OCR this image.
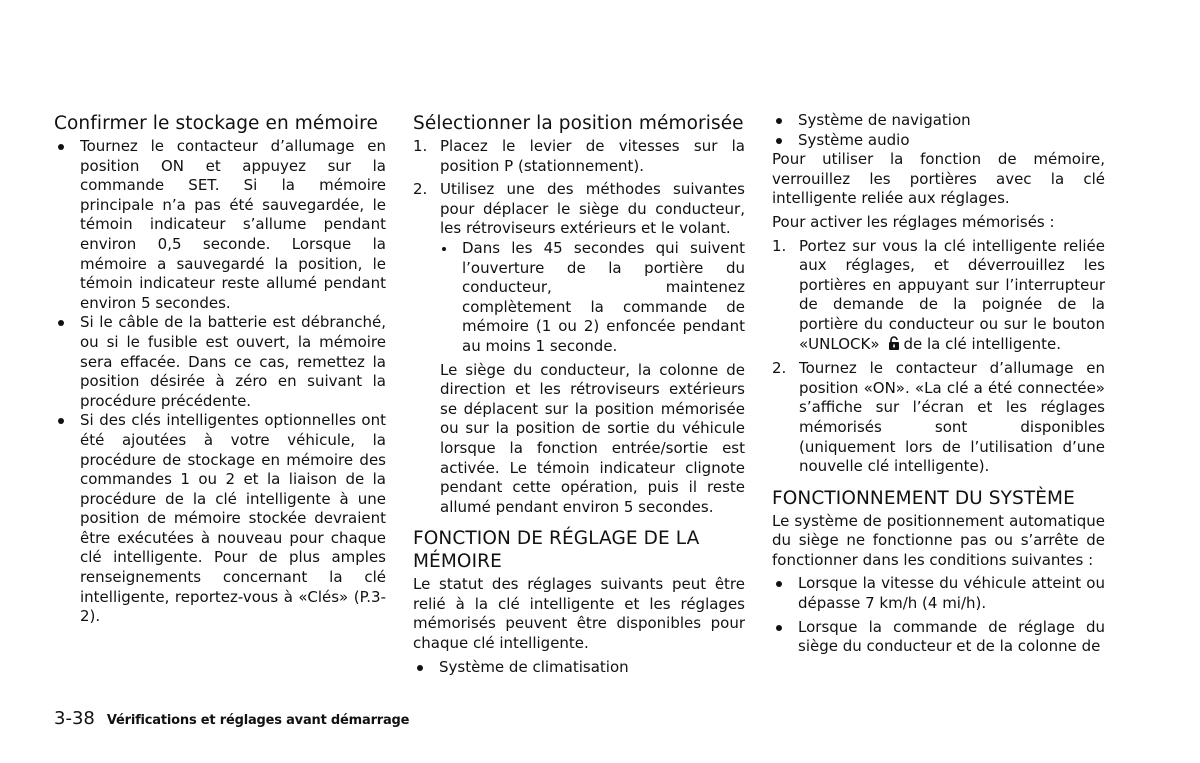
Confirmer le stockage en mémoire
Tournez le contacteur d’allumage en position ON et appuyez sur la commande SET. Si la mémoire principale n’a pas été sauvegardée, le témoin indicateur s’allume pendant environ 0,5 seconde. Lorsque la mémoire a sauvegardé la position, le témoin indicateur reste allumé pendant environ 5 secondes.
Si le câble de la batterie est débranché, ou si le fusible est ouvert, la mémoire sera effacée. Dans ce cas, remettez la position désirée à zéro en suivant la procédure précédente.
Si des clés intelligentes optionnelles ont été ajoutées à votre véhicule, la procédure de stockage en mémoire des commandes 1 ou 2 et la liaison de la procédure de la clé intelligente à une position de mémoire stockée devraient être exécutées à nouveau pour chaque clé intelligente. Pour de plus amples renseignements concernant la clé intelligente, reportez-vous à «Clés» (P.3-2).
Sélectionner la position mémorisée
1. Placez le levier de vitesses sur la position P (stationnement).
2. Utilisez une des méthodes suivantes pour déplacer le siège du conducteur, les rétroviseurs extérieurs et le volant.
Dans les 45 secondes qui suivent l’ouverture de la portière du conducteur, maintenez complètement la commande de mémoire (1 ou 2) enfoncée pendant au moins 1 seconde.

Le siège du conducteur, la colonne de direction et les rétroviseurs extérieurs se déplacent sur la position mémorisée ou sur la position de sortie du véhicule lorsque la fonction entrée/sortie est activée. Le témoin indicateur clignote pendant cette opération, puis il reste allumé pendant environ 5 secondes.

FONCTION DE RÉGLAGE DE LA MÉMOIRE

Le statut des réglages suivants peut être relié à la clé intelligente et les réglages mémorisés peuvent être disponibles pour chaque clé intelligente.

Système de climatisation
Système de navigation
Système audio

Pour utiliser la fonction de mémoire, verrouillez les portières avec la clé intelligente reliée aux réglages.

Pour activer les réglages mémorisés :

1. Portez sur vous la clé intelligente reliée aux réglages, et déverrouillez les portières en appuyant sur l’interrupteur de demande de la poignée de la portière du conducteur ou sur le bouton «UNLOCK» de la clé intelligente.
2. Tournez le contacteur d’allumage en position «ON». «La clé a été connectée» s’affiche sur l’écran et les réglages mémorisés sont disponibles (uniquement lors de l’utilisation d’une nouvelle clé intelligente).
FONCTIONNEMENT DU SYSTÈME

Le système de positionnement automatique du siège ne fonctionne pas ou s’arrête de fonctionner dans les conditions suivantes :

Lorsque la vitesse du véhicule atteint ou dépasse 7 km/h (4 mi/h).
Lorsque la commande de réglage du siège du conducteur et de la colonne de
3-38 Vérifications et réglages avant démarrage
